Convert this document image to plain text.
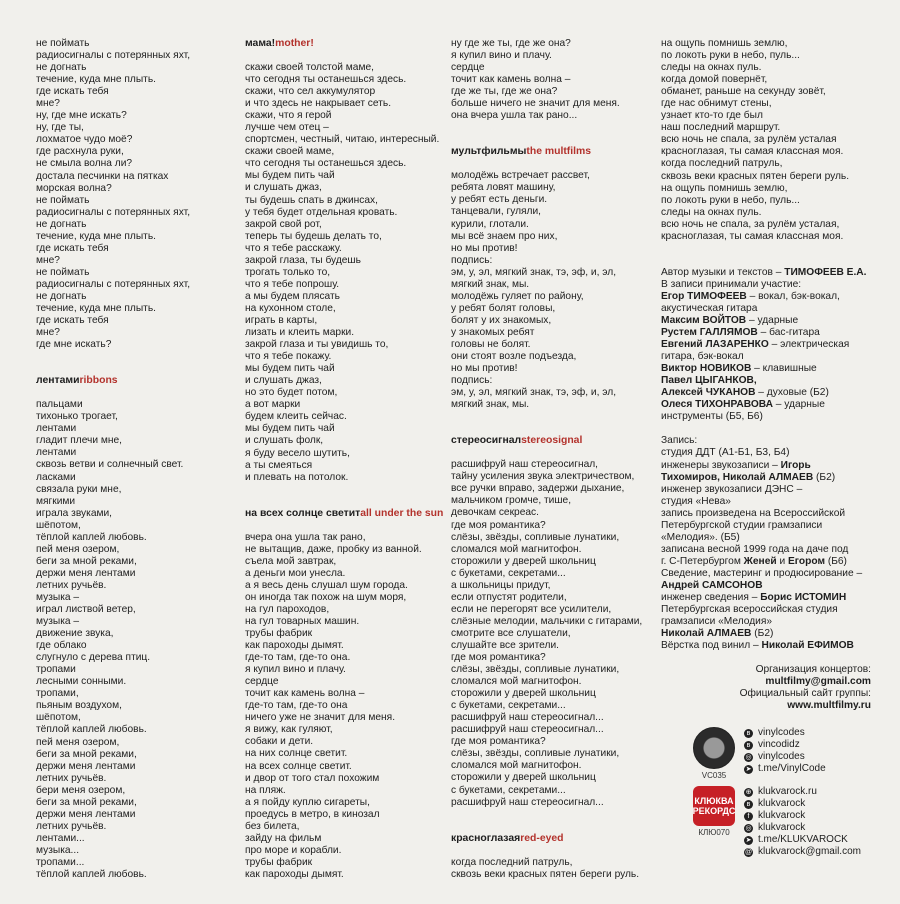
не поймать
радиосигналы с потерянных яхт,
не догнать
течение, куда мне плыть.
где искать тебя
мне?
ну, где мне искать?
ну, где ты,
лохматое чудо моё?
где расхнула руки,
не смыла волна ли?
достала песчинки на пятках
морская волна?
не поймать
радиосигналы с потерянных яхт,
не догнать
течение, куда мне плыть.
где искать тебя
мне?
не поймать
радиосигналы с потерянных яхт,
не догнать
течение, куда мне плыть.
где искать тебя
мне?
где мне искать?

лентамиribbons

пальцами
тихонько трогает,
лентами
гладит плечи мне,
лентами
сквозь ветви и солнечный свет.
ласками
связала руки мне,
мягкими
играла звуками,
шёпотом,
тёплой каплей любовь.
пей меня озером,
беги за мной реками,
держи меня лентами
летних ручьёв.
музыка –
играл листвой ветер,
музыка –
движение звука,
где облако
слугнуло с дерева птиц.
тропами
лесными сонными.
тропами,
пьяным воздухом,
шёпотом,
тёплой каплей любовь.
пей меня озером,
беги за мной реками,
держи меня лентами
летних ручьёв.
бери меня озером,
беги за мной реками,
держи меня лентами
летних ручьёв.
лентами...
музыка...
тропами...
тёплой каплей любовь.

мама!mother!

скажи своей толстой маме,
что сегодня ты останешься здесь.
скажи, что сел аккумулятор
и что здесь не накрывает сеть.
скажи, что я герой
лучше чем отец –
спортсмен, честный, читаю, интересный.
скажи своей маме,
что сегодня ты останешься здесь.
мы будем пить чай
и слушать джаз,
ты будешь спать в джинсах,
у тебя будет отдельная кровать.
закрой свой рот,
теперь ты будешь делать то,
что я тебе расскажу.
закрой глаза, ты будешь
трогать только то,
что я тебе попрошу.
а мы будем плясать
на кухонном столе,
играть в карты,
лизать и клеить марки.
закрой глаза и ты увидишь то,
что я тебе покажу.
мы будем пить чай
и слушать джаз,
но это будет потом,
а вот марки
будем клеить сейчас.
мы будем пить чай
и слушать фолк,
я буду весело шутить,
а ты смеяться
и плевать на потолок.

на всех солнце светитall under the sun

вчера она ушла так рано,
не вытащив, даже, пробку из ванной.
съела мой завтрак,
а деньги мои унесла.
а я весь день слушал шум города.
он иногда так похож на шум моря,
на гул пароходов,
на гул товарных машин.
трубы фабрик
как пароходы дымят.
где-то там, где-то она.
я купил вино и плачу.
сердце
точит как камень волна –
где-то там, где-то она
ничего уже не значит для меня.
я вижу, как гуляют,
собаки и дети.
на них солнце светит.
на всех солнце светит.
и двор от того стал похожим
на пляж.
а я пойду куплю сигареты,
проедусь в метро, в кинозал
без билета,
зайду на фильм
про море и корабли.
трубы фабрик
как пароходы дымят.
ну где же ты, где же она?
я купил вино и плачу.
сердце
точит как камень волна –
где же ты, где же она?
больше ничего не значит для меня.
она вчера ушла так рано...

мультфильмыthe multfilms

молодёжь встречает рассвет,
ребята ловят машину,
у ребят есть деньги.
танцевали, гуляли,
курили, глотали.
мы всё знаем про них,
но мы против!
подпись:
эм, у, эл, мягкий знак, тэ, эф, и, эл,
мягкий знак, мы.
молодёжь гуляет по району,
у ребят болят головы,
болят у их знакомых,
у знакомых ребят
головы не болят.
они стоят возле подъезда,
но мы против!
подпись:
эм, у, эл, мягкий знак, тэ, эф, и, эл,
мягкий знак, мы.

стереосигналstereosignal

расшифруй наш стереосигнал,
тайну усиления звука электричеством,
все ручки вправо, задержи дыхание,
мальчиком громче, тише,
девочкам секреас.
где моя романтика?
слёзы, звёзды, сопливые лунатики,
сломался мой магнитофон.
сторожили у дверей школьниц
с букетами, секретами...
а школьницы придут,
если отпустят родители,
если не перегорят все усилители,
слёзные мелодии, мальчики с гитарами,
смотрите все слушатели,
слушайте все зрители.
где моя романтика?
слёзы, звёзды, сопливые лунатики,
сломался мой магнитофон.
сторожили у дверей школьниц
с букетами, секретами...
расшифруй наш стереосигнал...
расшифруй наш стереосигнал...
где моя романтика?
слёзы, звёзды, сопливые лунатики,
сломался мой магнитофон.
сторожили у дверей школьниц
с букетами, секретами...
расшифруй наш стереосигнал...

красноглазаяred-eyed

когда последний патруль,
сквозь веки красных пятен береги руль.
на ощупь помнишь землю,
по локоть руки в небо, пуль...
следы на окнах пуль.
когда домой повернёт,
обманет, раньше на секунду зовёт,
где нас обнимут стены,
узнает кто-то где был
наш последний маршрут.
всю ночь не спала, за рулём усталая
красноглазая, ты самая классная моя.
когда последний патруль,
сквозь веки красных пятен береги руль.
на ощупь помнишь землю,
по локоть руки в небо, пуль...
следы на окнах пуль.
всю ночь не спала, за рулём усталая,
красноглазая, ты самая классная моя.
Автор музыки и текстов – ТИМОФЕЕВ Е.А.
В записи принимали участие:
Егор ТИМОФЕЕВ – вокал, бэк-вокал,
акустическая гитара
Максим ВОЙТОВ – ударные
Рустем ГАЛЛЯМОВ – бас-гитара
Евгений ЛАЗАРЕНКО – электрическая
гитара, бэк-вокал
Виктор НОВИКОВ – клавишные
Павел ЦЫГАНКОВ,
Алексей ЧУКАНОВ – духовые (Б2)
Олеся ТИХОНРАВОВА – ударные
инструменты (Б5, Б6)
Запись:
студия ДДТ (А1-Б1, Б3, Б4)
инженеры звукозаписи – Игорь
Тихомиров, Николай АЛМАЕВ (Б2)
инженер звукозаписи ДЭНС –
студия «Нева»
запись произведена на Всероссийской
Петербургской студии грамзаписи
«Мелодия». (Б5)
записана весной 1999 года на даче под
г. С-Петербургом Женей и Егором (Б6)
Сведение, мастеринг и продюсирование –
Андрей САМСОНОВ
инженер сведения – Борис ИСТОМИН
Петербургская всероссийская студия
грамзаписи «Мелодия»
Николай АЛМАЕВ (Б2)
Вёрстка под винил – Николай ЕФИМОВ
Организация концертов:
multfilmy@gmail.com
Официальный сайт группы:
www.multfilmy.ru
VC035
в vinylcodes
в vincodidz
◎ vinylcodes
➤ t.me/VinylCode
КЛЮКВА
РЕКОРДС
КЛЮ070
⊕ klukvarock.ru
в klukvarock
f klukvarock
◎ klukvarock
➤ t.me/KLUKVAROCK
@ klukvarock@gmail.com
